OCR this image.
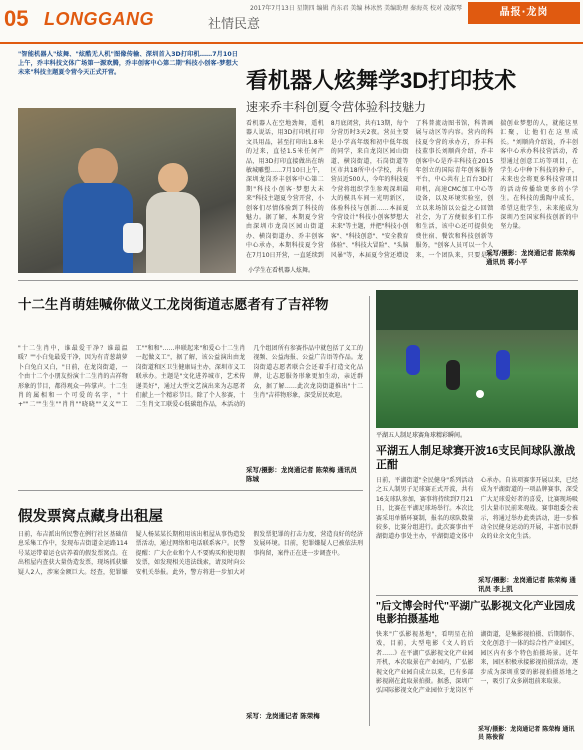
05 LONGGANG	社情民意
2017年7月13日 星期四 编辑 肖东君 美编 林冰然 美编助理 秦海英 校对 凌淑琴	晶报·龙岗
"智能机器人"炫舞、"炫酷无人机"图像传输、深圳首入3D打印机……7月10日上午，乔丰科技文体广场第一源欢腾，乔丰创客中心第二期"科技小创客·梦想大未来"科技主题夏令营今天正式开营。	看机器人炫舞学3D打印技术
速来乔丰科创夏令营体验科技魅力
看机器人在空地劲舞，遥机器人说话，用3D打印机打印文具用品，甚至打印出1.8米的过来，直径1.5米任何产品，用3D打印直接做出在纳敏城雕塑……7月10日上午，深圳龙岗乔丰创客中心第二期"科技小创客·梦想大未来"科技主题夏令营开营，小创客们尽情体验到了科技的魅力。据了解，本期夏令营由深圳市龙岗区园山街道办、横岗街道办、乔丰创客中心承办，本期科技夏令营在7月10日开营，一直延续到8月底闭营，共有13期，每个分营历时3天2夜。营员主要是小学高年级和初中低年级的同学，来自龙岗区园山街道、横岗街道，石岗街道等区市共18所中小学校，共有营员近500人，今年的科技夏令营将组织学生参观深圳最大的模具车间一光明新区，体验科技与创新……本届夏令营设计"科技小创客梦想大未来"等主题，并把"科技小创客"、"科技创意"、"安全教育体验"、"科技大冒险"、"头脑风暴"等，本届夏令营还增设了科普流动图书馆，科普画展与动区等内容。营内的科技夏令营的承办方，乔丰科技董事长刘顺尚介绍，乔丰创客中心是乔丰科技在2015年创立的国际青年创客服务平台，中心共有上百台3D打印机，高速CMC加工中心等设备，以及环境实验室，创立以来场馆以公益之心回馈社会，为了方便很多们工作和生活，该中心还可提供免费住宿、餐饮和科技创新等服务，"创客人员可以一个人来，一个团队来，只要是怀揣创业梦想的人，就能这里汇聚，让他们在这里成长。"刘顺尚介绍说，乔丰创客中心承办科技营活动，希望通过创意工坊等项目，在学生心中种下科技的种子，未来也会将更多科技营项目的活动传播给更多的小学生。在科技的熏陶中成长，希望这批学生，未来能成为深圳乃至国家科技创新的中坚力量。
小学生在看机器人炫舞。
采写/摄影：龙岗通记者 陈荣梅 通讯员 蒋小平
十二生肖萌娃喊你做义工龙岗街道志愿者有了吉祥物
"十二生肖中，谁最爱干净？谁最温暖？""小白兔最爱干净，因为有青葱葫萝卜白兔白又白，"日前，在龙岗街道，一个由十二个小朋友扮演十二生肖的吉祥物形象的节目，都得观众一阵掌声。十二生肖的属相和一个可爱的名字，"十+""二""生生""肖肖""晓晓""义义""工工""和和"……串联起来"和爱心十二生肖一起做义工"，据了解，该公益演出由龙岗街道和区卫生健康局主办，深圳市义工联承办。主题是"文化进养城市，艺术传递美好"，通过大型文艺演出来为志愿者们献上一个精彩节目。除了个人参赛，十二生肖文工联爱心低碳组作品，本活动的几个组团所有参赛作品中就包括了义工的视频、公益海报、公益广告语等作品。龙岗街道志愿者联合会还着手打造文化品牌，让志愿服务形象更加生动，亲近群众，据了解……此次龙岗街道推出"十二生肖"吉祥物形象，深受居民欢迎。
采写/摄影：龙岗通记者 陈荣梅 通讯员 陈城
假发票窝点藏身出租屋
日前，布吉派出所民警在例行社区基础信息采集工作中，发现布吉街道金运路114号某运带着运仓店养着的假发票窝点。在出租屋内查获大量伪造发票，现场抓获嫌疑人2人，涉案金额巨大。经查，犯罪嫌疑人杨某某长期租用该出租屋从事伪造发票活动，通过网络和电话联系客户。民警提醒：广大企业和个人不要购买和使用假发票，如发现相关违法线索，请及时向公安机关举报。此外，警方将进一步加大对假发票犯罪的打击力度，营造良好的经济发展环境。目前，犯罪嫌疑人已被依法刑事拘留，案件正在进一步调查中。
采写：龙岗通记者 陈荣梅
平湖五人制足球赛角球精彩瞬间。
平湖五人制足球赛开波16支民间球队激战正酣
日前，平湖街道"全民健身"系列活动之五人制男子足球赛正式开波，共有16支球队参加，赛事将持续到7月21日，比赛在平湖足球场举行。本次比赛采用单循环赛制，报名的球队数量较多，比赛分组进行。此次赛事由平湖街道办事处主办，平湖街道文体中心承办。自该项赛事开展以来，已经成为平湖街道的一项品牌赛事，深受广大足球爱好者的喜爱，比赛现场吸引大量市民前来观战。赛事组委会表示，将通过举办此类活动，进一步推动全民健身运动的开展，丰富市民群众的业余文化生活。
采写/摄影：龙岗通记者 陈荣梅 通讯员 李上凯
"后文博会时代"平湖广弘影视文化产业园成电影拍摄基地
快来"广弘影视基地"，看明星在拍戏，目前，大型电影《文人的后者……》在平湖广弘影视文化产业园开机，本次取景在产业园内，广弘影视文化产业园自成立以来，已有多部影视剧在此取景拍摄。据悉，深圳广弘国际影视文化产业园位于龙岗区平湖街道，是集影视拍摄、后期制作、文化创意于一体的综合性产业园区，园区内有多个特色拍摄场景。近年来，园区积极承接影视拍摄活动，逐步成为深圳重要的影视拍摄基地之一，吸引了众多剧组前来取景。
采写/摄影：龙岗通记者 陈荣梅 通讯员 陈俊留
